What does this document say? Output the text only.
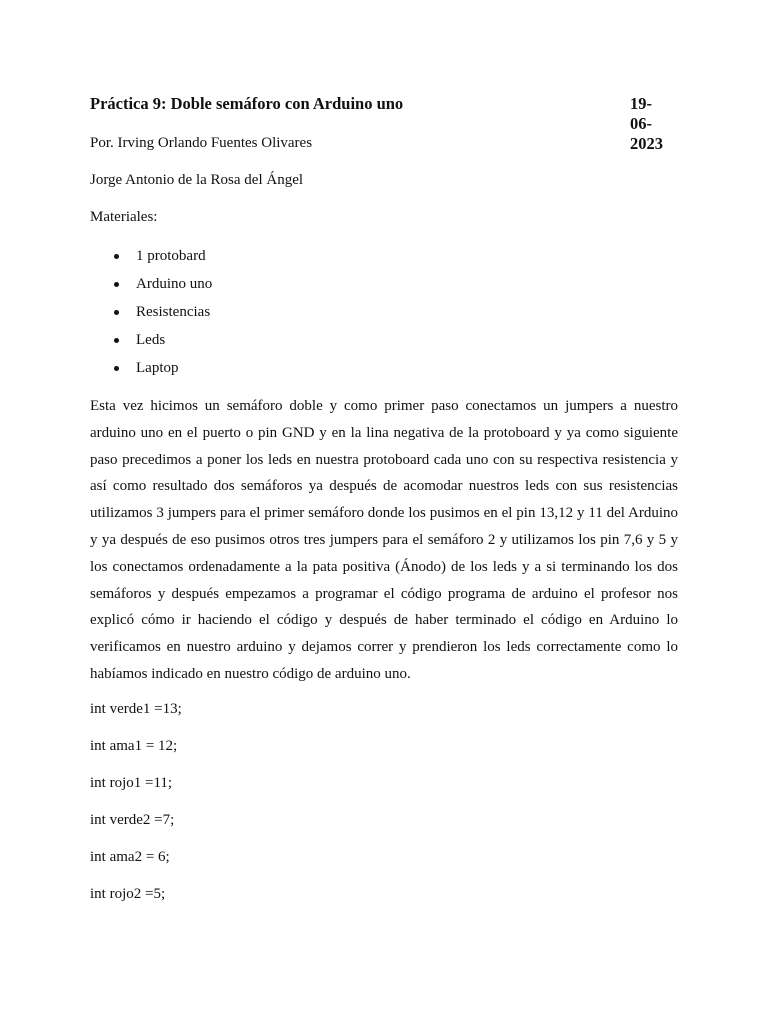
Práctica 9: Doble semáforo con Arduino uno	19-06-2023
Por. Irving Orlando Fuentes Olivares
Jorge Antonio de la Rosa del Ángel
Materiales:
1 protobard
Arduino uno
Resistencias
Leds
Laptop

Esta vez hicimos un semáforo doble y como primer paso conectamos un jumpers a nuestro arduino uno en el puerto o pin GND y en la lina negativa de la protoboard y ya como siguiente paso precedimos a poner los leds en nuestra protoboard cada uno con su respectiva resistencia y así como resultado dos semáforos ya después de acomodar nuestros leds con sus resistencias utilizamos 3 jumpers para el primer semáforo donde los pusimos en el pin 13,12 y 11 del Arduino y ya después de eso pusimos otros tres jumpers para el semáforo 2 y utilizamos los pin 7,6 y 5 y los conectamos ordenadamente a la pata positiva (Ánodo) de los leds y a si terminando los dos semáforos y después empezamos a programar el código programa de arduino el profesor nos explicó cómo ir haciendo el código y después de haber terminado el código en Arduino lo verificamos en nuestro arduino y dejamos correr y prendieron los leds correctamente como lo habíamos indicado en nuestro código de arduino uno.

int verde1 =13;
int ama1 = 12;
int rojo1 =11;
int verde2 =7;
int ama2 = 6;
int rojo2 =5;
